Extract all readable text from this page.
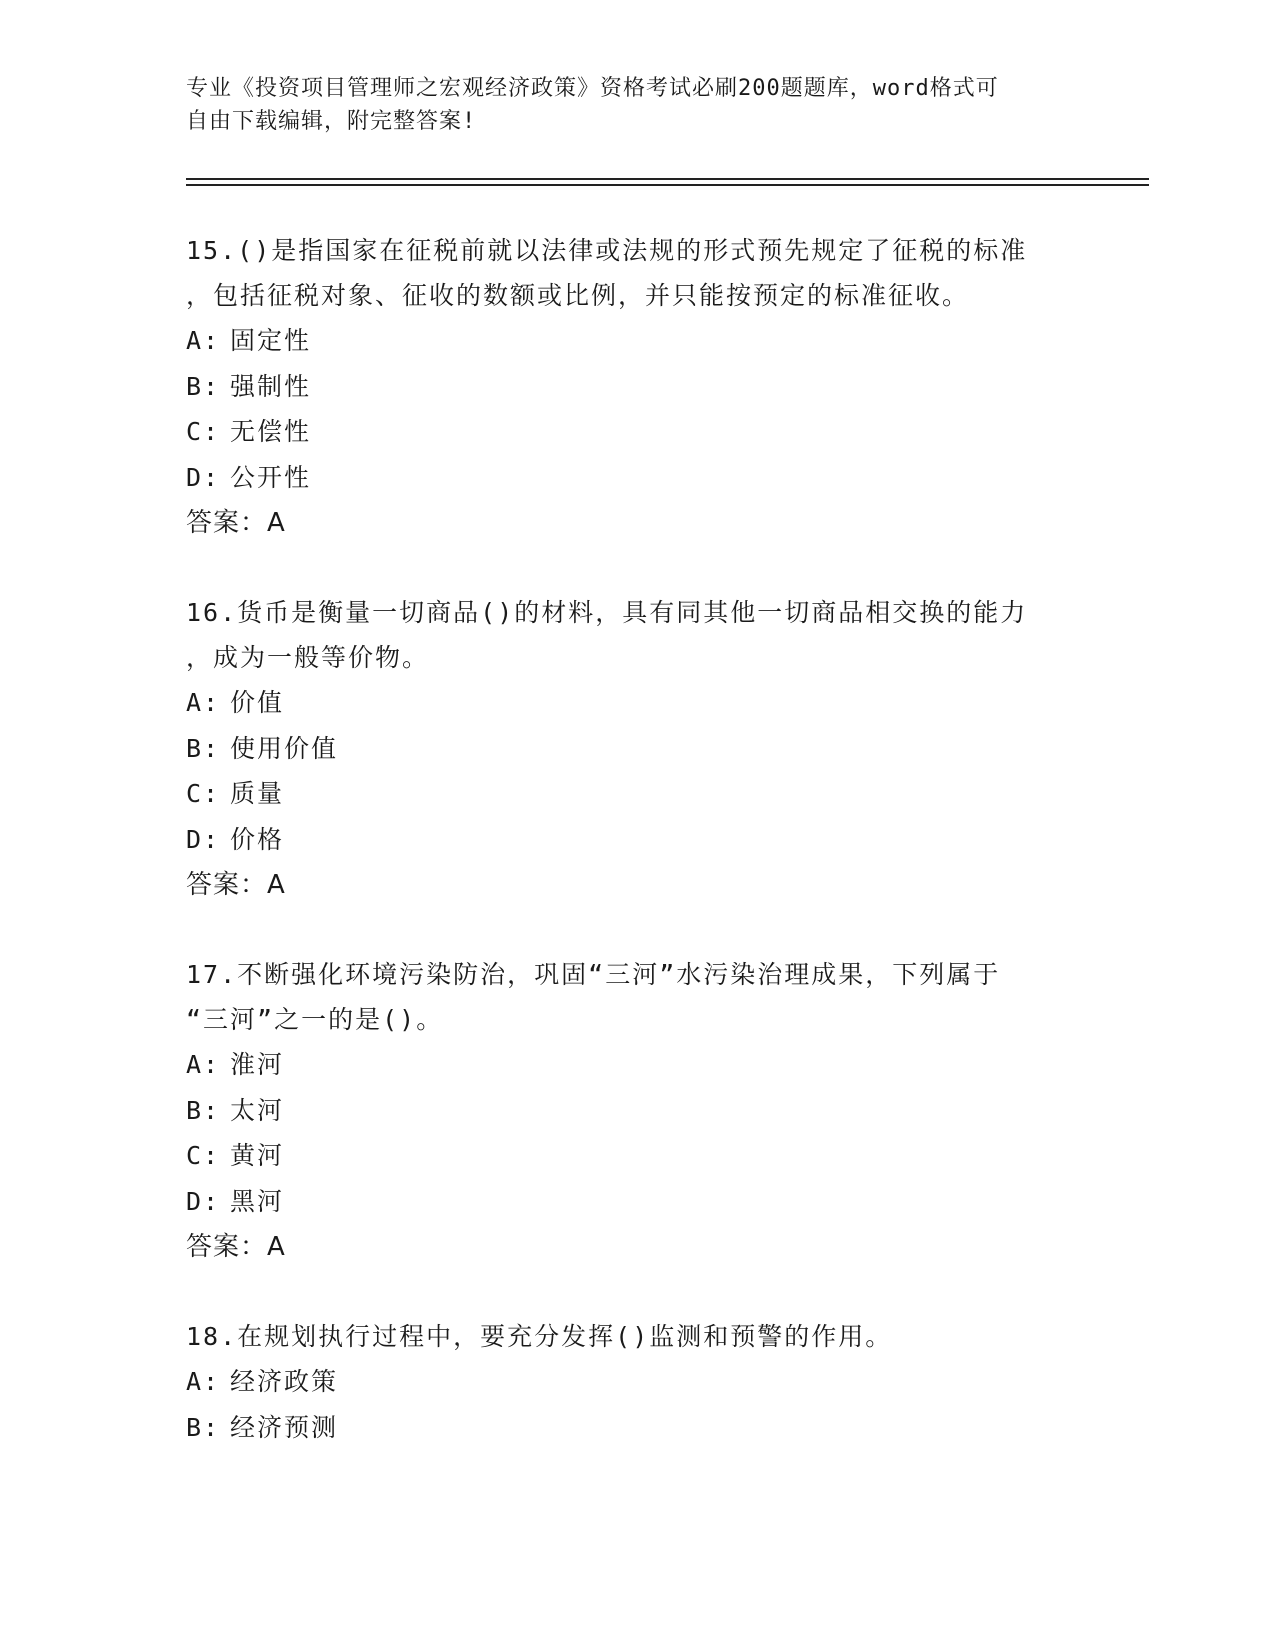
专业《投资项目管理师之宏观经济政策》资格考试必刷200题题库，word格式可
自由下载编辑，附完整答案!
15.()是指国家在征税前就以法律或法规的形式预先规定了征税的标准
，包括征税对象、征收的数额或比例，并只能按预定的标准征收。
A: 固定性
B: 强制性
C: 无偿性
D: 公开性
答案：A
16.货币是衡量一切商品()的材料，具有同其他一切商品相交换的能力
，成为一般等价物。
A: 价值
B: 使用价值
C: 质量
D: 价格
答案：A
17.不断强化环境污染防治，巩固“三河”水污染治理成果，下列属于
“三河”之一的是()。
A: 淮河
B: 太河
C: 黄河
D: 黑河
答案：A
18.在规划执行过程中，要充分发挥()监测和预警的作用。
A: 经济政策
B: 经济预测
